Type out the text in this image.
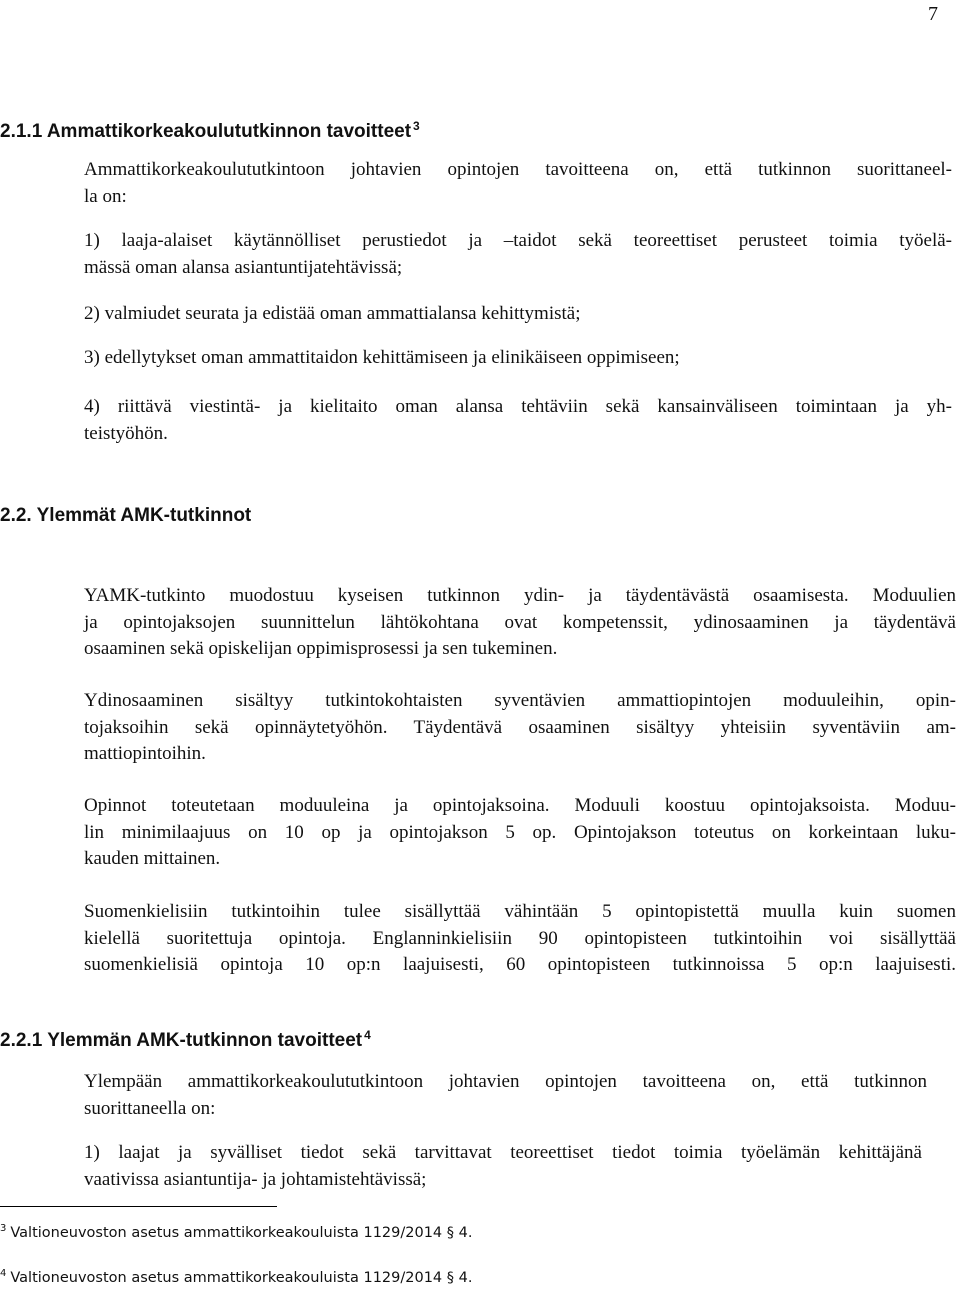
7
2.1.1 Ammattikorkeakoulututkinnon tavoitteet $^3$
Ammattikorkeakoulututkintoon johtavien opintojen tavoitteena on, että tutkinnon suorittaneel-
la on:
1) laaja-alaiset käytännölliset perustiedot ja –taidot sekä teoreettiset perusteet toimia työelä-
mässä oman alansa asiantuntijatehtävissä;
2) valmiudet seurata ja edistää oman ammattialansa kehittymistä;
3) edellytykset oman ammattitaidon kehittämiseen ja elinikäiseen oppimiseen;
4) riittävä viestintä- ja kielitaito oman alansa tehtäviin sekä kansainväliseen toimintaan ja yh-
teistyöhön.
2.2. Ylemmät AMK-tutkinnot
YAMK-tutkinto muodostuu kyseisen tutkinnon ydin- ja täydentävästä osaamisesta. Moduulien
ja opintojaksojen suunnittelun lähtökohtana ovat kompetenssit, ydinosaaminen ja täydentävä
osaaminen sekä opiskelijan oppimisprosessi ja sen tukeminen.
Ydinosaaminen sisältyy tutkintokohtaisten syventävien ammattiopintojen moduuleihin, opin-
tojaksoihin sekä opinnäytetyöhön. Täydentävä osaaminen sisältyy yhteisiin syventäviin am-
mattiopintoihin.
Opinnot toteutetaan moduuleina ja opintojaksoina. Moduuli koostuu opintojaksoista. Moduu-
lin minimilaajuus on 10 op ja opintojakson 5 op. Opintojakson toteutus on korkeintaan luku-
kauden mittainen.
Suomenkielisiin tutkintoihin tulee sisällyttää vähintään 5 opintopistettä muulla kuin suomen
kielellä suoritettuja opintoja. Englanninkielisiin 90 opintopisteen tutkintoihin voi sisällyttää
suomenkielisiä opintoja 10 op:n laajuisesti, 60 opintopisteen tutkinnoissa 5 op:n laajuisesti.
2.2.1 Ylemmän AMK-tutkinnon tavoitteet $^4$
Ylempään ammattikorkeakoulututkintoon johtavien opintojen tavoitteena on, että tutkinnon
suorittaneella on:
1) laajat ja syvälliset tiedot sekä tarvittavat teoreettiset tiedot toimia työelämän kehittäjänä
vaativissa asiantuntija- ja johtamistehtävissä;
$^3$ Valtioneuvoston asetus ammattikorkeakouluista 1129/2014 § 4.
$^4$ Valtioneuvoston asetus ammattikorkeakouluista 1129/2014 § 4.
